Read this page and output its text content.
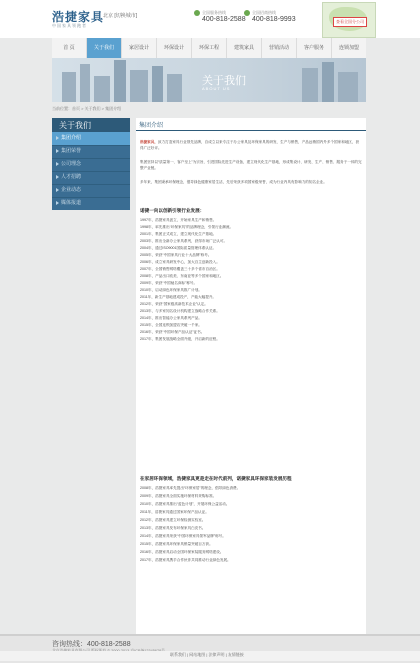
浩捷家具
中国家具领跑者
北京 [切换城市]
全国服务热线
400-818-2588
全国招商热线
400-818-9993	查看全国分公司
首 页	关于我们	家居设计	环保设计	环保工程	建筑家具	营销活动	客户服务	连锁加盟
关于我们
ABOUT US
当前位置：首页 > 关于我们 > 集团介绍
关于我们
集团介绍
集团荣誉
公司理念
人才招聘
企业动态
媒体报道
集团介绍
浩捷家具，致力打造家具行业领先品牌，自成立以来专注于办公家具及环保家具的研发、生产与销售，产品远销国内外多个国家和地区，获得广泛好评。
集团坚持以“质量第一、客户至上”为宗旨，引进国际先进生产设备，建立现代化生产基地，形成集设计、研发、生产、销售、服务于一体的完整产业链。
多年来，集团秉承环保理念，倡导绿色健康家居生活，先后荣获多项国家级荣誉，成为行业内具有影响力的知名企业。
诺捷一向以创新引领行业发展：
1997年，浩捷家具创立，开始家具生产和销售。
1998年，率先推出“环保家具”的品牌理念，引领行业潮流。
2001年，集团正式成立，建立现代化生产基地。
2003年，推出全新办公家具系列，获得市场广泛认可。
2004年，通过ISO9001国际质量管理体系认证。
2005年，荣获“中国家具行业十大品牌”称号。
2006年，成立家具研发中心，加大自主创新投入。
2007年，全国销售网络覆盖三十多个省市自治区。
2008年，产品出口欧美、东南亚等多个国家和地区。
2009年，荣获“中国驰名商标”称号。
2010年，启动绿色环保家具推广计划。
2011年，新生产基地建成投产，产能大幅提升。
2012年，荣获“国家级高新技术企业”认定。
2013年，与多家知名设计机构建立战略合作关系。
2014年，推出智能办公家具系列产品。
2015年，全国连锁加盟店突破一千家。
2016年，荣获“中国环保产品认证”证书。
2017年，集团发展战略全面升级，开启新的征程。
在家居环保领域，浩捷家具更是走在时代前列，诺捷家具环保家装发展历程
2008年，浩捷家具率先提出“环保家居”的理念，倡导绿色消费。
2009年，浩捷家具全面实施环保材料采购标准。
2010年，浩捷家具推出“蓝色计划”，开展环保公益活动。
2011年，浩捷家具通过国家环保产品认证。
2012年，浩捷家具建立环保检测实验室。
2013年，浩捷家具发布环保家具白皮书。
2014年，浩捷家具荣获“中国环保家具领军品牌”称号。
2015年，浩捷家具环保家具销量突破百万套。
2016年，浩捷家具启动全国环保家装服务网络建设。
2017年，浩捷家具携手合作伙伴共同推动行业绿色发展。
咨询热线：400-818-2588
联系我们 | 网站地图 | 法律声明 | 友情链接
